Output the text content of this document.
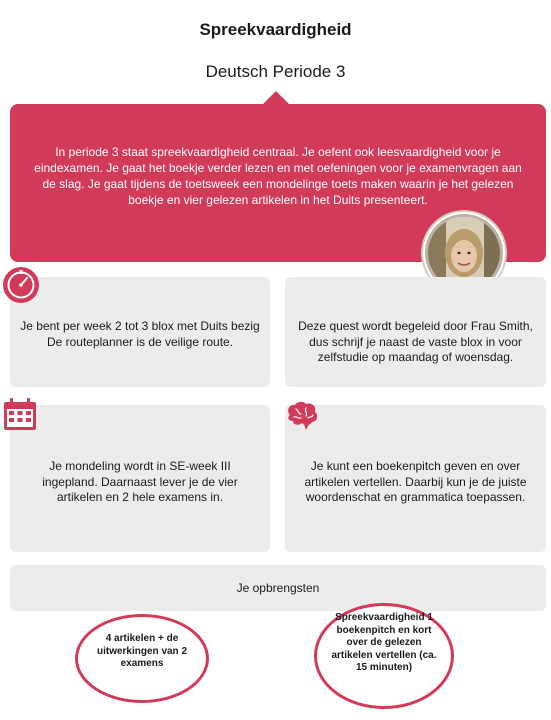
Spreekvaardigheid
Deutsch Periode 3
In periode 3 staat spreekvaardigheid centraal. Je oefent ook leesvaardigheid voor je eindexamen. Je gaat het boekje verder lezen en met oefeningen voor je examenvragen aan de slag. Je gaat tijdens de toetsweek een mondelinge toets maken waarin je het gelezen boekje en vier gelezen artikelen in het Duits presenteert.
Je bent per week 2 tot 3 blox met Duits bezig
De routeplanner is de veilige route.
Deze quest wordt begeleid door Frau Smith, dus schrijf je naast de vaste blox in voor zelfstudie op maandag of woensdag.
Je mondeling wordt in SE-week III ingepland. Daarnaast lever je de vier artikelen en 2 hele examens in.
Je kunt een boekenpitch geven en over artikelen vertellen. Daarbij kun je de juiste woordenschat en grammatica toepassen.
Je opbrengsten
4 artikelen + de uitwerkingen van 2 examens
Spreekvaardigheid 1 boekenpitch en kort over de gelezen artikelen vertellen (ca. 15 minuten)
